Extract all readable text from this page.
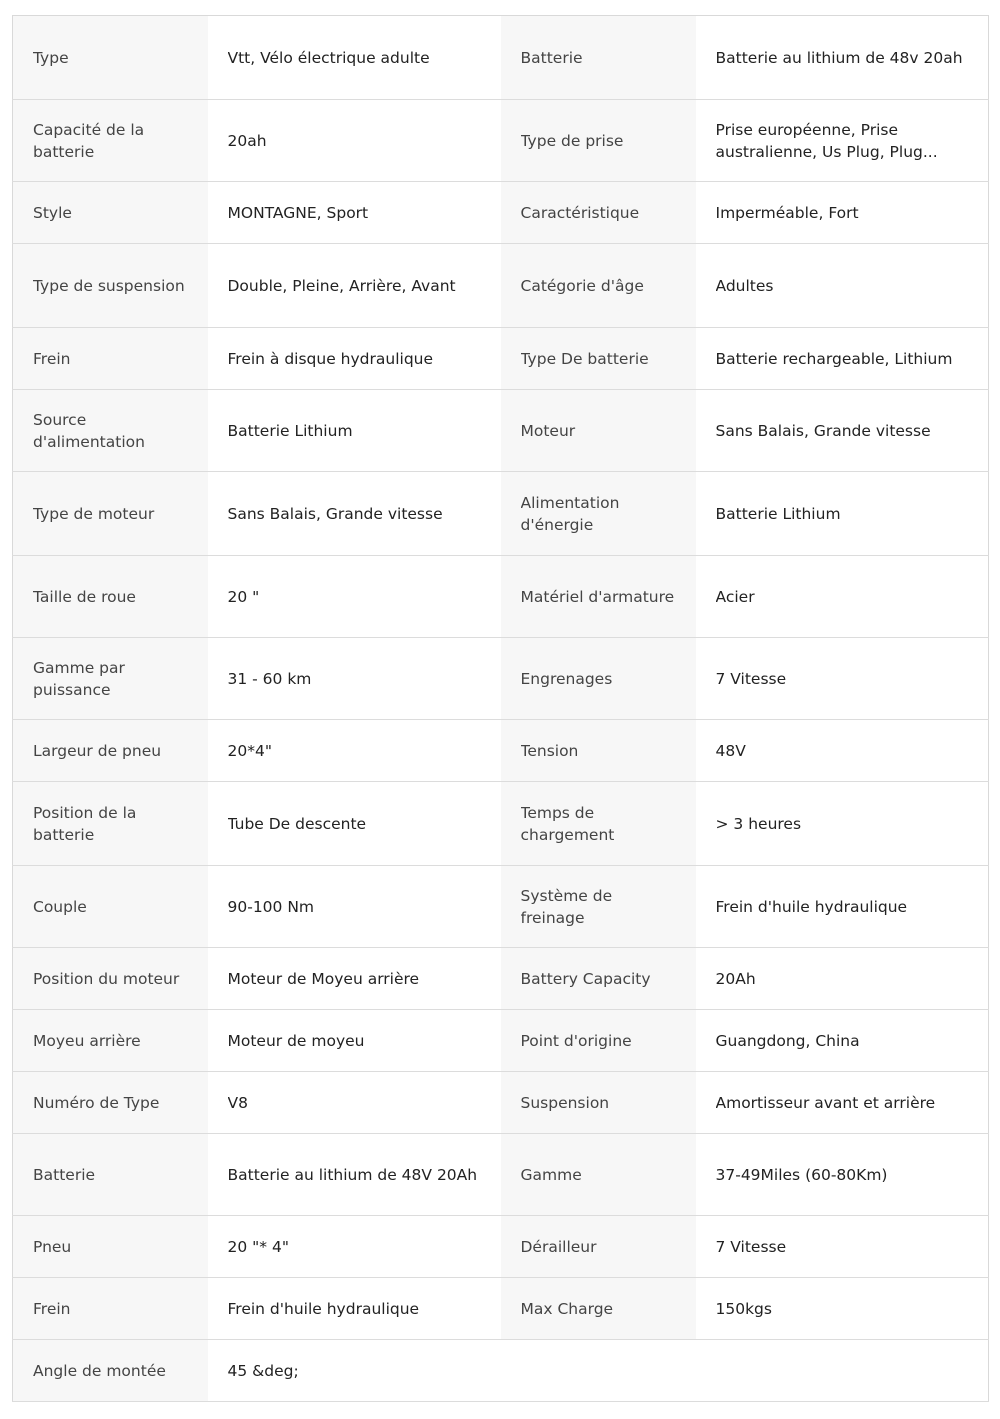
Type	Vtt, Vélo électrique adulte	Batterie	Batterie au lithium de 48v 20ah

Capacité de la batterie	20ah	Type de prise	Prise européenne, Prise australienne, Us Plug, Plug...

Style	MONTAGNE, Sport	Caractéristique	Imperméable, Fort

Type de suspension	Double, Pleine, Arrière, Avant	Catégorie d'âge	Adultes

Frein	Frein à disque hydraulique	Type De batterie	Batterie rechargeable, Lithium

Source d'alimentation	Batterie Lithium	Moteur	Sans Balais, Grande vitesse

Type de moteur	Sans Balais, Grande vitesse	Alimentation d'énergie	Batterie Lithium

Taille de roue	20 "	Matériel d'armature	Acier

Gamme par puissance	31 - 60 km	Engrenages	7 Vitesse

Largeur de pneu	20*4"	Tension	48V

Position de la batterie	Tube De descente	Temps de chargement	> 3 heures

Couple	90-100 Nm	Système de freinage	Frein d'huile hydraulique

Position du moteur	Moteur de Moyeu arrière	Battery Capacity	20Ah

Moyeu arrière	Moteur de moyeu	Point d'origine	Guangdong, China

Numéro de Type	V8	Suspension	Amortisseur avant et arrière

Batterie	Batterie au lithium de 48V 20Ah	Gamme	37-49Miles (60-80Km)

Pneu	20 "* 4"	Dérailleur	7 Vitesse

Frein	Frein d'huile hydraulique	Max Charge	150kgs

Angle de montée	45 &deg;		
